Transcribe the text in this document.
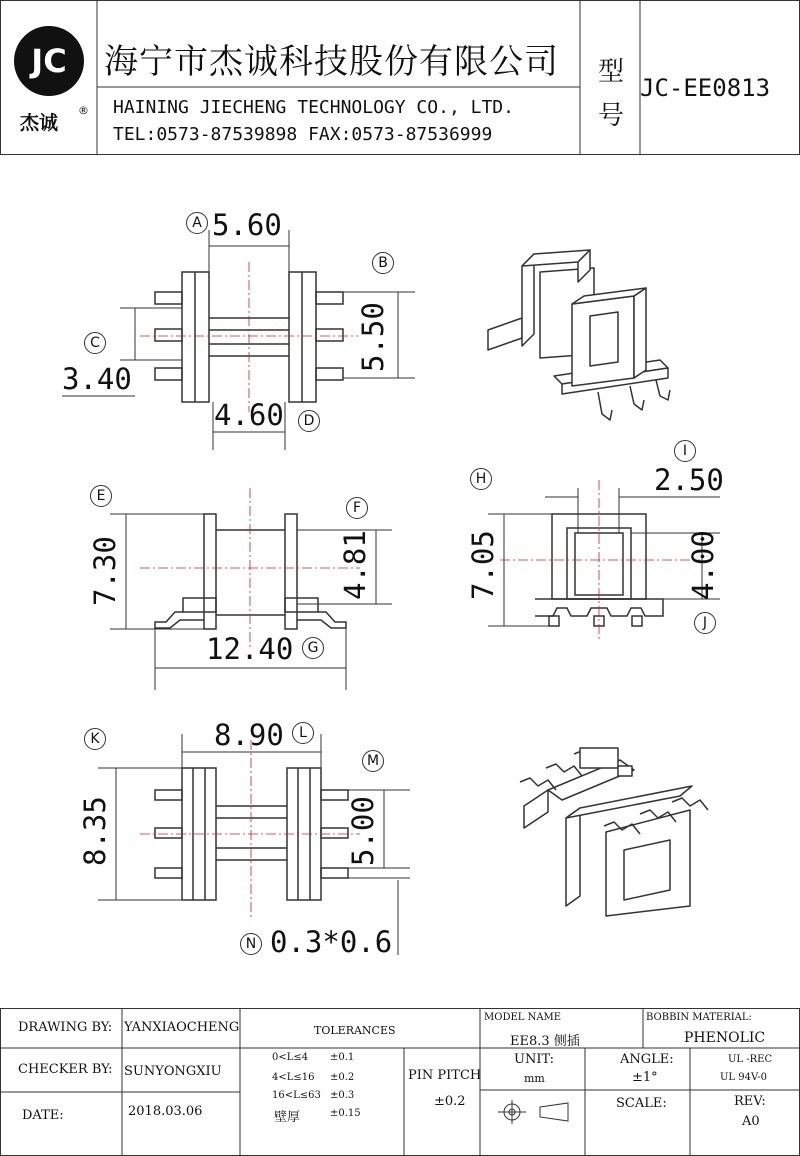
JC
杰诚
®
海宁市杰诚科技股份有限公司
HAINING JIECHENG TECHNOLOGY CO., LTD.
TEL:0573-87539898 FAX:0573-87536999
型
号
JC-EE0813
A 5.60
B
5.50
C
3.40
4.60	D
E
7.30
F
4.81
12.40	G
H
7.05
I
2.50
4.00
J
K
8.35
8.90	L
M
5.00
N 0.3*0.6
DRAWING BY: YANXIAOCHENG
CHECKER BY: SUNYONGXIU
DATE:	2018.03.06
TOLERANCES
0<L≤4 ±0.1
4<L≤16 ±0.2
16<L≤63 ±0.3
壁厚	±0.15
PIN PITCH
±0.2
MODEL NAME
EE8.3 侧插
BOBBIN MATERIAL:
PHENOLIC
UNIT:
mm
ANGLE:
±1°
UL -REC
UL 94V-0
SCALE:	REV:
A0
